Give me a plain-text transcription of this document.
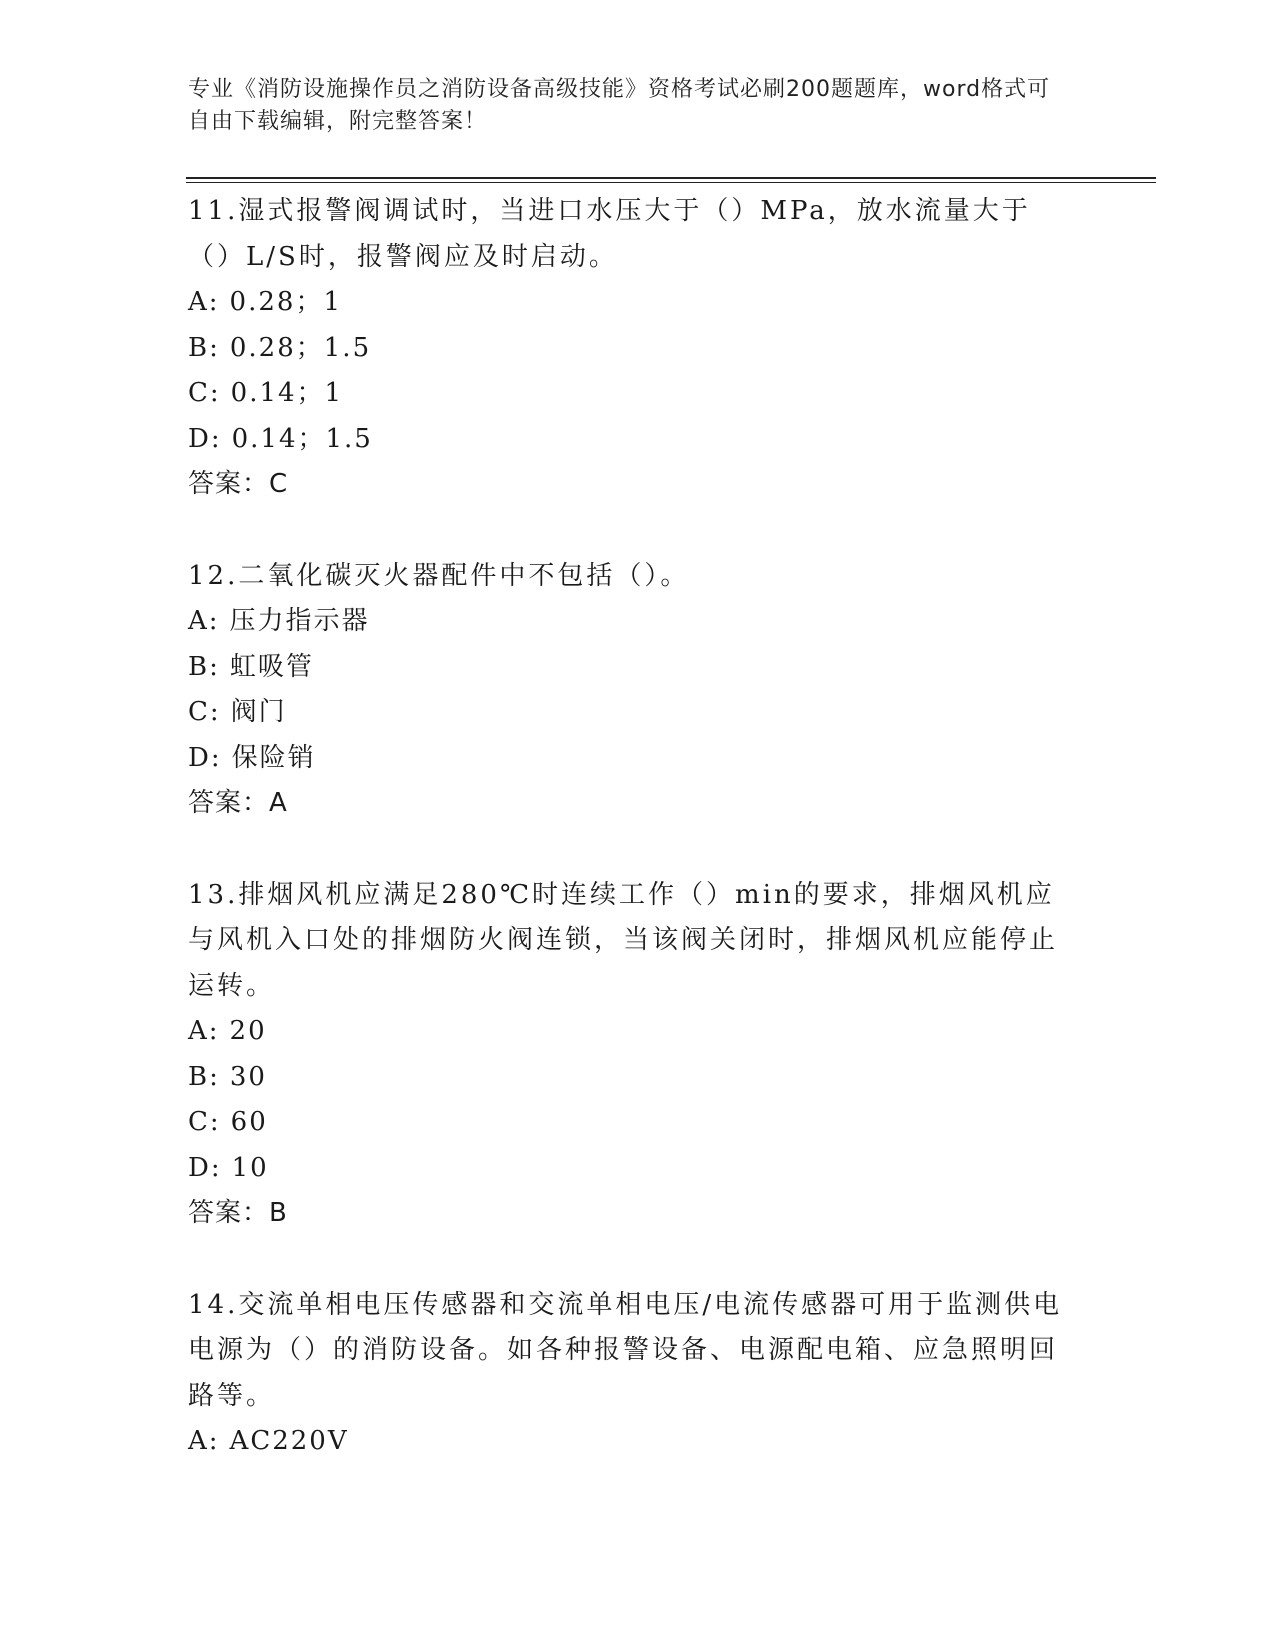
专业《消防设施操作员之消防设备高级技能》资格考试必刷200题题库，word格式可自由下载编辑，附完整答案！
11.湿式报警阀调试时，当进口水压大于（）MPa，放水流量大于（）L/S时，报警阀应及时启动。
A: 0.28；1
B: 0.28；1.5
C: 0.14；1
D: 0.14；1.5
答案：C
12.二氧化碳灭火器配件中不包括（）。
A: 压力指示器
B: 虹吸管
C: 阀门
D: 保险销
答案：A
13.排烟风机应满足280℃时连续工作（）min的要求，排烟风机应与风机入口处的排烟防火阀连锁，当该阀关闭时，排烟风机应能停止运转。
A: 20
B: 30
C: 60
D: 10
答案：B
14.交流单相电压传感器和交流单相电压/电流传感器可用于监测供电电源为（）的消防设备。如各种报警设备、电源配电箱、应急照明回路等。
A: AC220V
